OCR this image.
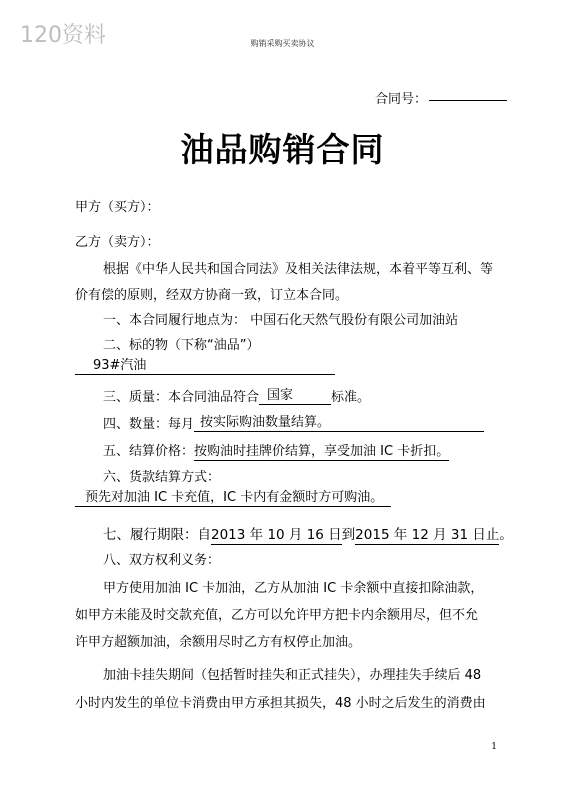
120资料	购销采购买卖协议
合同号：
油品购销合同
甲方（买方）：
乙方（卖方）：
根据《中华人民共和国合同法》及相关法律法规，本着平等互利、等
价有偿的原则，经双方协商一致，订立本合同。
一、本合同履行地点为： 中国石化天然气股份有限公司加油站
二、标的物（下称“油品”）
93#汽油
三、质量：本合同油品符合 国家	标准。
四、数量：每月 按实际购油数量结算。
五、结算价格：按购油时挂牌价结算，享受加油 IC 卡折扣。
六、货款结算方式：
预先对加油 IC 卡充值，IC 卡内有金额时方可购油。
七、履行期限：自2013 年 10 月 16 日到2015 年 12 月 31 日止。
八、双方权利义务：
甲方使用加油 IC 卡加油，乙方从加油 IC 卡余额中直接扣除油款，
如甲方未能及时交款充值，乙方可以允许甲方把卡内余额用尽，但不允
许甲方超额加油，余额用尽时乙方有权停止加油。
加油卡挂失期间（包括暂时挂失和正式挂失），办理挂失手续后 48
小时内发生的单位卡消费由甲方承担其损失，48 小时之后发生的消费由
1
